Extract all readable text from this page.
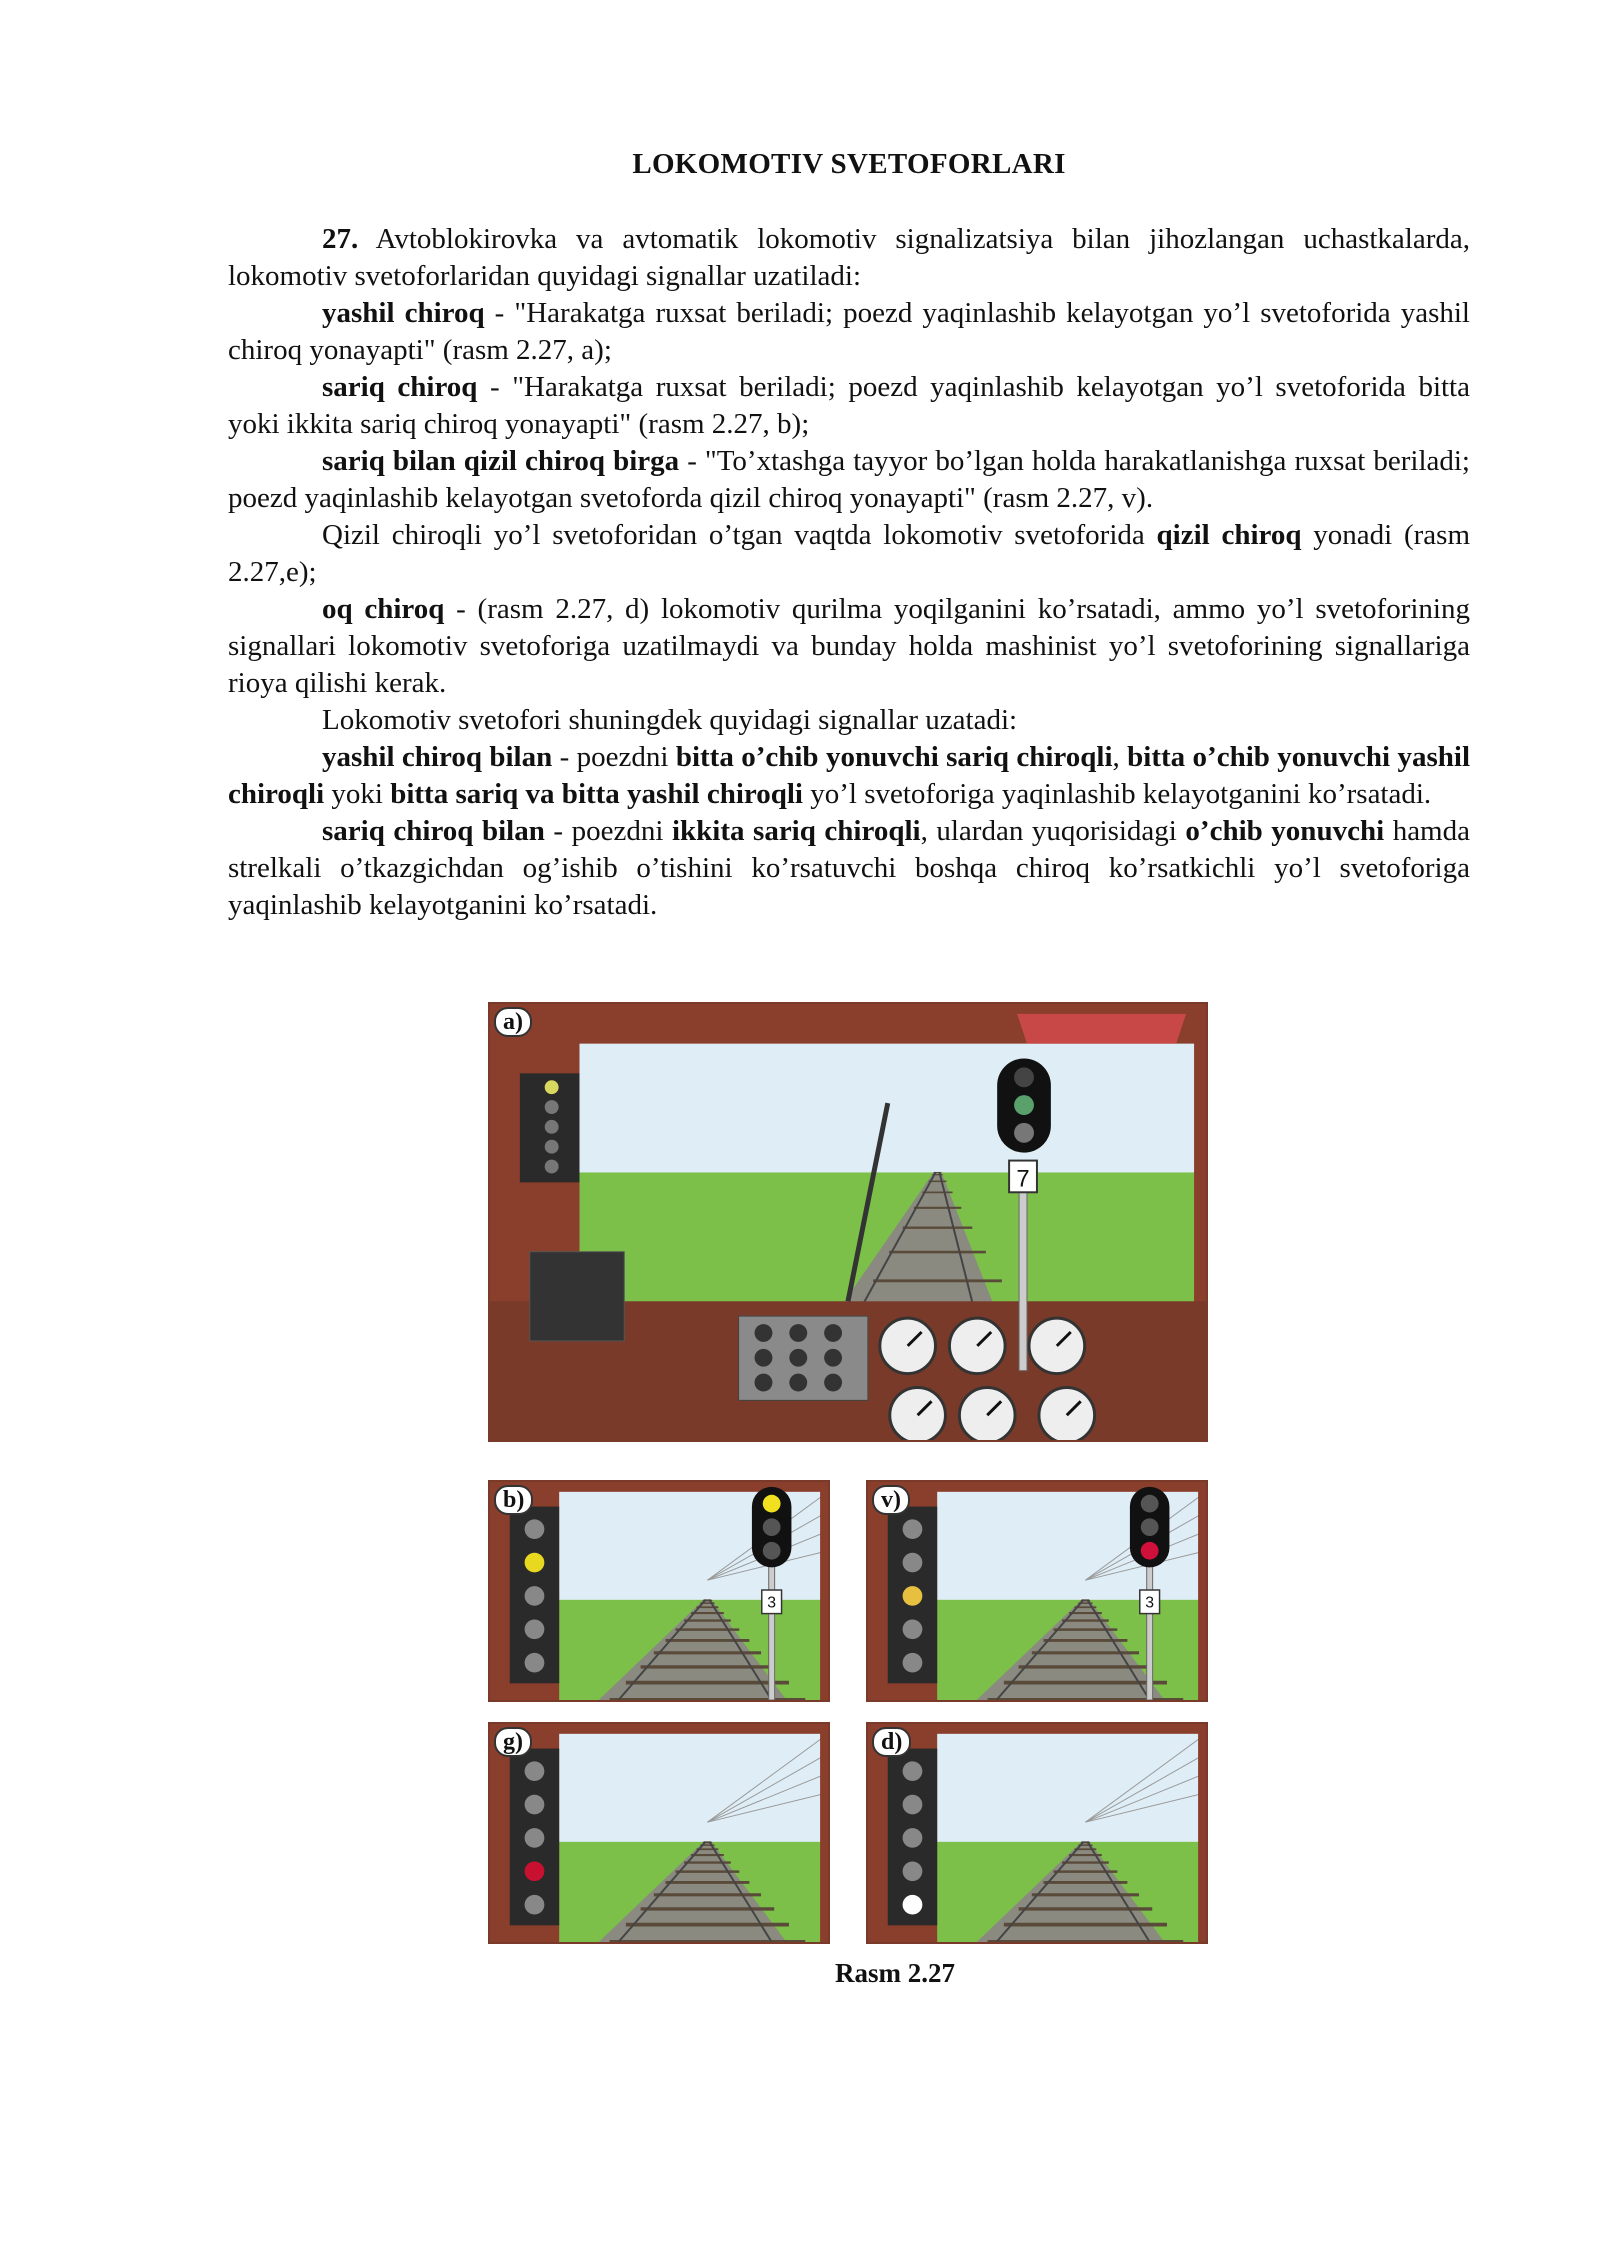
LOKOMOTIV SVETOFORLARI

27. Avtoblokirovka va avtomatik lokomotiv signalizatsiya bilan jihozlangan uchastkalarda, lokomotiv svetoforlaridan quyidagi signallar uzatiladi:

yashil chiroq - "Harakatga ruxsat beriladi; poezd yaqinlashib kelayotgan yo’l svetoforida yashil chiroq yonayapti" (rasm 2.27, a);

sariq chiroq - "Harakatga ruxsat beriladi; poezd yaqinlashib kelayotgan yo’l svetoforida bitta yoki ikkita sariq chiroq yonayapti" (rasm 2.27, b);

sariq bilan qizil chiroq birga - "To’xtashga tayyor bo’lgan holda harakatlanishga ruxsat beriladi; poezd yaqinlashib kelayotgan svetoforda qizil chiroq yonayapti" (rasm 2.27, v).

Qizil chiroqli yo’l svetoforidan o’tgan vaqtda lokomotiv svetoforida qizil chiroq yonadi (rasm 2.27,e);

oq chiroq - (rasm 2.27, d) lokomotiv qurilma yoqilganini ko’rsatadi, ammo yo’l svetoforining signallari lokomotiv svetoforiga uzatilmaydi va bunday holda mashinist yo’l svetoforining signallariga rioya qilishi kerak.

Lokomotiv svetofori shuningdek quyidagi signallar uzatadi:

yashil chiroq bilan - poezdni bitta o’chib yonuvchi sariq chiroqli, bitta o’chib yonuvchi yashil chiroqli yoki bitta sariq va bitta yashil chiroqli yo’l svetoforiga yaqinlashib kelayotganini ko’rsatadi.

sariq chiroq bilan - poezdni ikkita sariq chiroqli, ulardan yuqorisidagi o’chib yonuvchi hamda strelkali o’tkazgichdan og’ishib o’tishini ko’rsatuvchi boshqa chiroq ko’rsatkichli yo’l svetoforiga yaqinlashib kelayotganini ko’rsatadi.

7
a)
3
b)
3
v)
g)	d)
Rasm 2.27
